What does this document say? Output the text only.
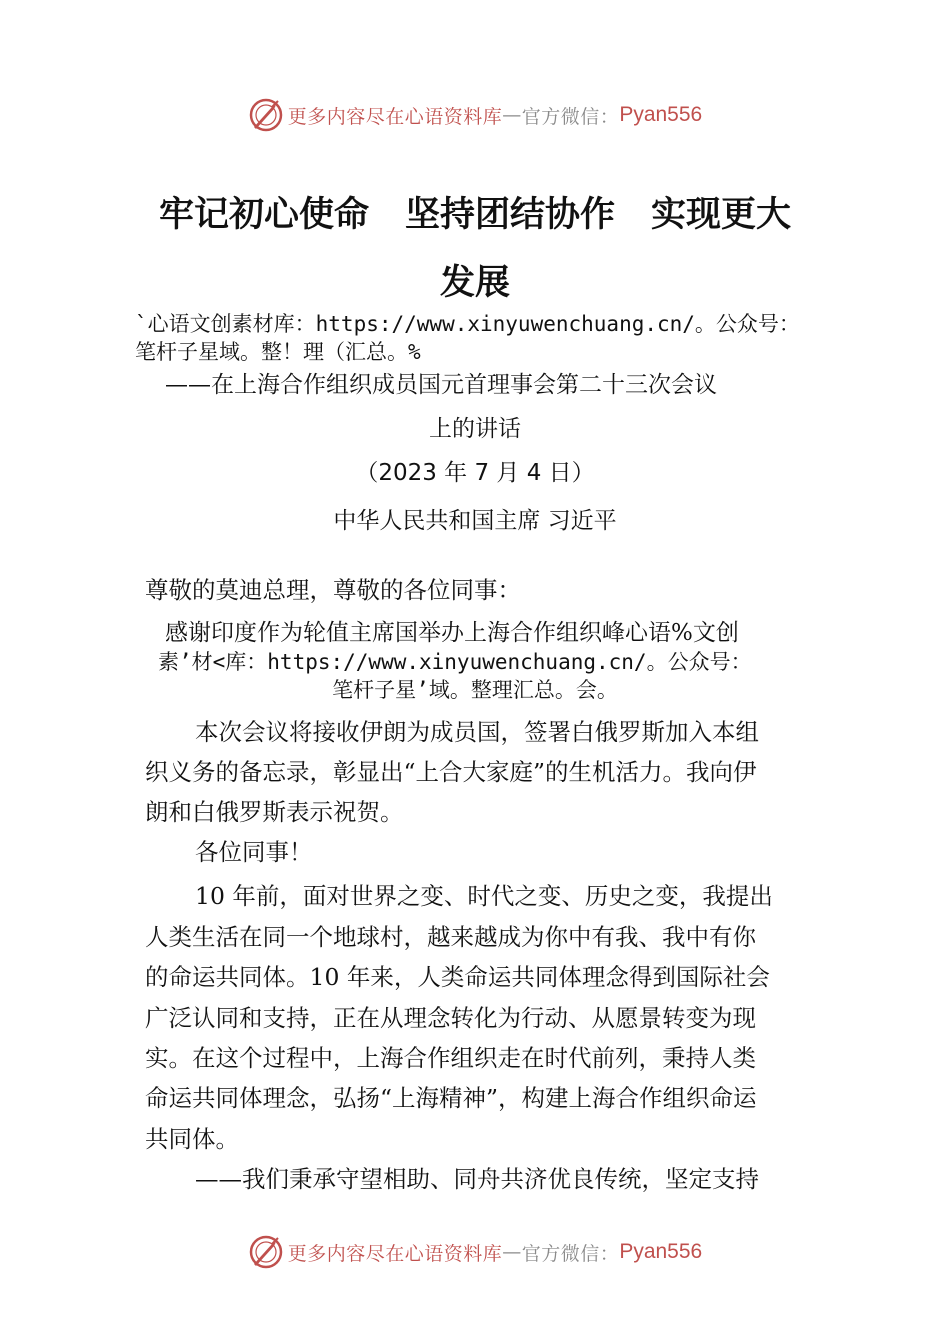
更多内容尽在心语资料库 — 官方微信： Pyan556
牢记初心使命 坚持团结协作 实现更大
发展
`心语文创素材库：https://www.xinyuwenchuang.cn/。公众号：
笔杆子星域。整！理（汇总。%
——在上海合作组织成员国元首理事会第二十三次会议
上的讲话
（2023 年 7 月 4 日）
中华人民共和国主席 习近平
尊敬的莫迪总理，尊敬的各位同事：
感谢印度作为轮值主席国举办上海合作组织峰心语%文创
素’材<库：https://www.xinyuwenchuang.cn/。公众号：
笔杆子星’域。整理汇总。会。
本次会议将接收伊朗为成员国，签署白俄罗斯加入本组
织义务的备忘录，彰显出“上合大家庭”的生机活力。我向伊
朗和白俄罗斯表示祝贺。
各位同事！
10 年前，面对世界之变、时代之变、历史之变，我提出
人类生活在同一个地球村，越来越成为你中有我、我中有你
的命运共同体。10 年来，人类命运共同体理念得到国际社会
广泛认同和支持，正在从理念转化为行动、从愿景转变为现
实。在这个过程中，上海合作组织走在时代前列，秉持人类
命运共同体理念，弘扬“上海精神”，构建上海合作组织命运
共同体。
——我们秉承守望相助、同舟共济优良传统，坚定支持
更多内容尽在心语资料库 — 官方微信： Pyan556
